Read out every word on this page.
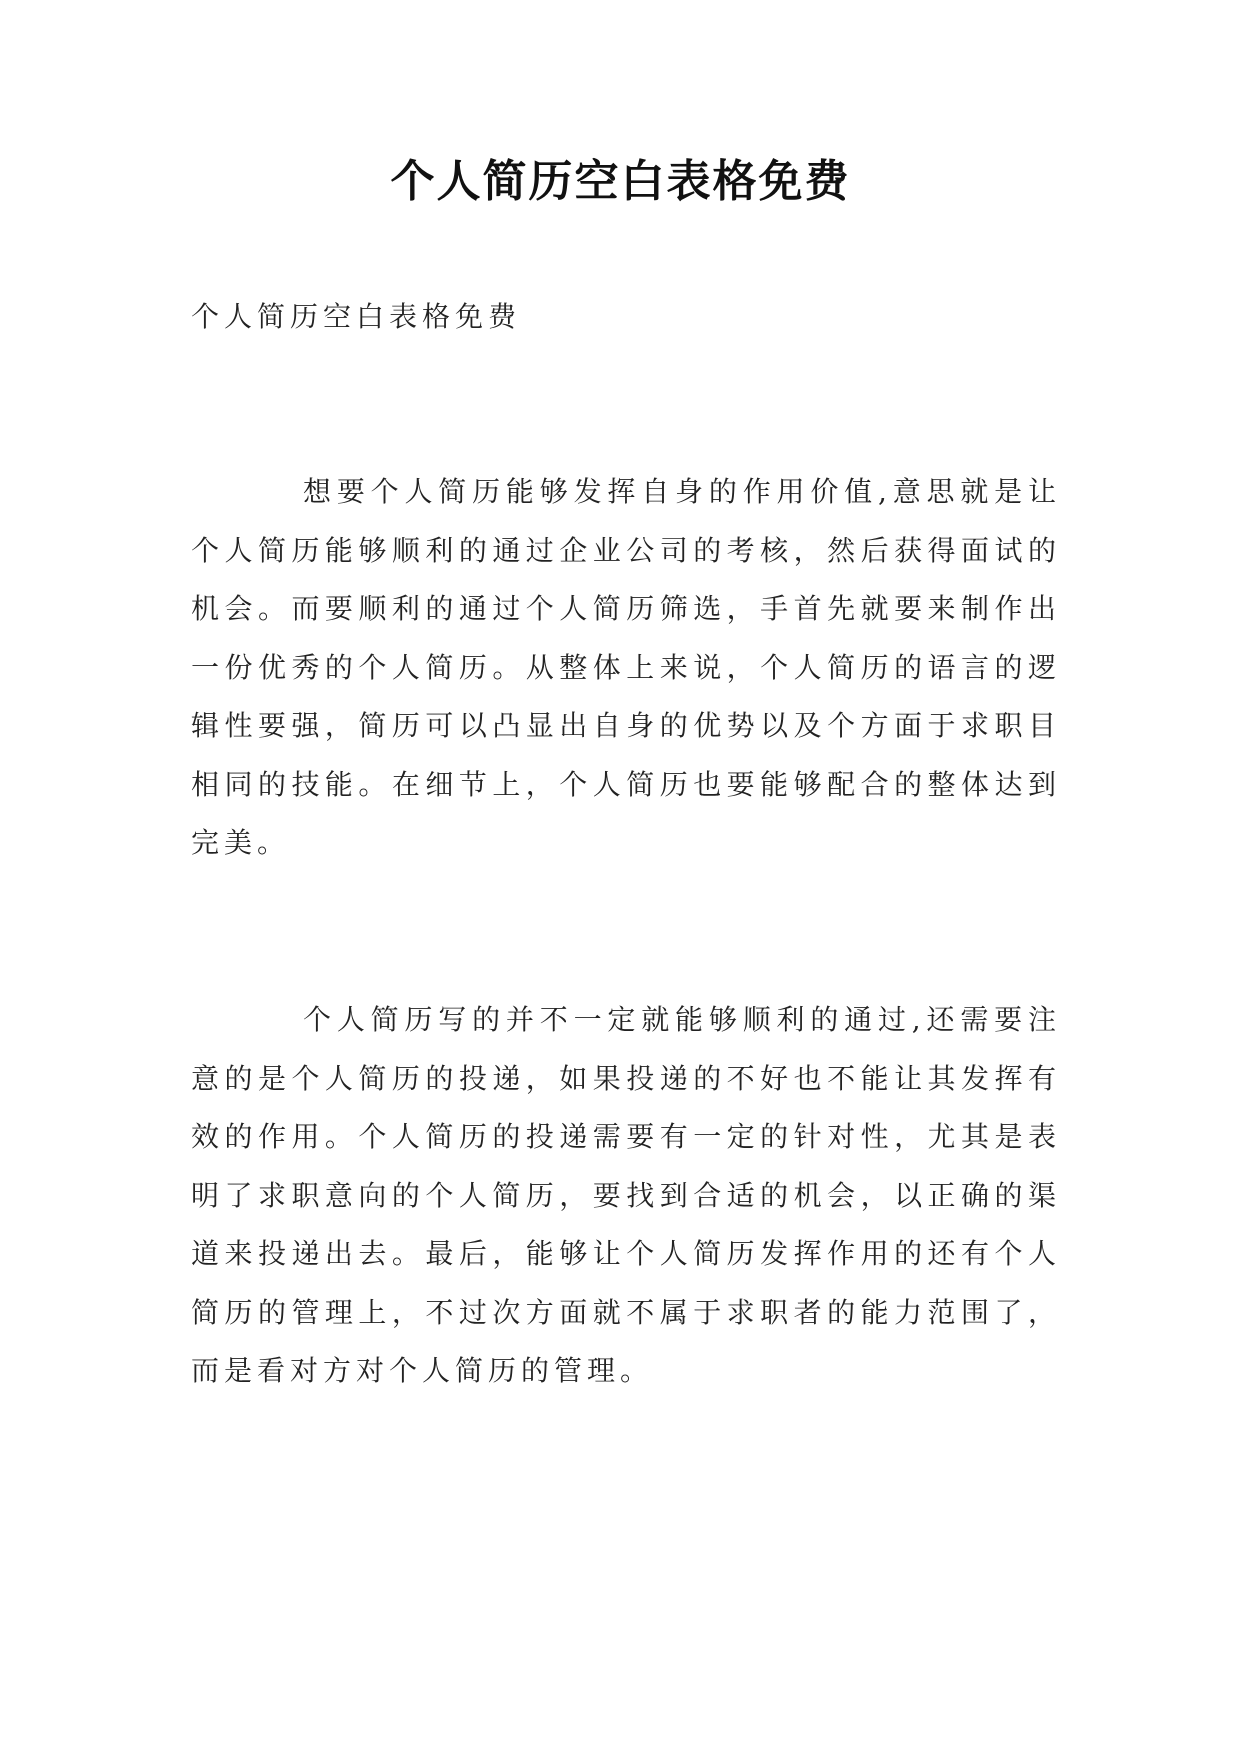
个人简历空白表格免费
个人简历空白表格免费
想要个人简历能够发挥自身的作用价值,意思就是让
个人简历能够顺利的通过企业公司的考核，然后获得面试的
机会。而要顺利的通过个人简历筛选，手首先就要来制作出
一份优秀的个人简历。从整体上来说，个人简历的语言的逻
辑性要强，简历可以凸显出自身的优势以及个方面于求职目
相同的技能。在细节上，个人简历也要能够配合的整体达到
完美。
个人简历写的并不一定就能够顺利的通过,还需要注
意的是个人简历的投递，如果投递的不好也不能让其发挥有
效的作用。个人简历的投递需要有一定的针对性，尤其是表
明了求职意向的个人简历，要找到合适的机会，以正确的渠
道来投递出去。最后，能够让个人简历发挥作用的还有个人
简历的管理上，不过次方面就不属于求职者的能力范围了，
而是看对方对个人简历的管理。
